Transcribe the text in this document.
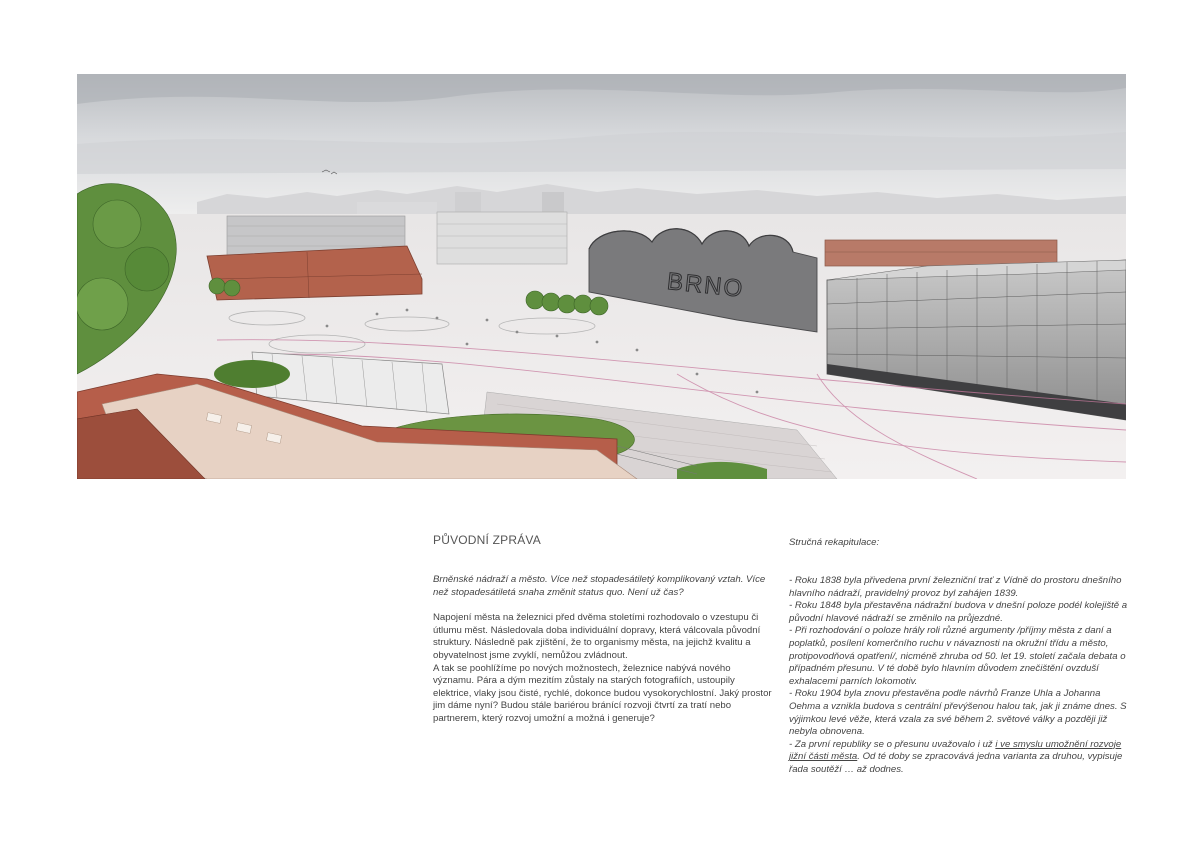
BRNO
PŮVODNÍ ZPRÁVA

Brněnské nádraží a město. Více než stopadesátiletý komplikovaný vztah. Více než stopadesátiletá snaha změnit status quo. Není už čas?

Napojení města na železnici před dvěma stoletími rozhodovalo o vzestupu či útlumu měst. Následovala doba individuální dopravy, která válcovala původní struktury. Následně pak zjištění, že to organismy města, na jejichž kvalitu a obyvatelnost jsme zvyklí, nemůžou zvládnout.

A tak se poohlížíme po nových možnostech, železnice nabývá nového významu. Pára a dým mezitím zůstaly na starých fotografiích, ustoupily elektrice, vlaky jsou čisté, rychlé, dokonce budou vysokorychlostní. Jaký prostor jim dáme nyní? Budou stále bariérou bránící rozvoji čtvrtí za tratí nebo partnerem, který rozvoj umožní a možná i generuje?

Stručná rekapitulace:

- Roku 1838 byla přivedena první železniční trať z Vídně do prostoru dnešního hlavního nádraží, pravidelný provoz byl zahájen 1839.

- Roku 1848 byla přestavěna nádražní budova v dnešní poloze podél kolejiště a původní hlavové nádraží se změnilo na průjezdné.

- Při rozhodování o poloze hrály roli různé argumenty /příjmy města z daní a poplatků, posílení komerčního ruchu v návaznosti na okružní třídu a město, protipovodňová opatření/, nicméně zhruba od 50. let 19. století začala debata o případném přesunu. V té době bylo hlavním důvodem znečištění ovzduší exhalacemi parních lokomotiv.

- Roku 1904 byla znovu přestavěna podle návrhů Franze Uhla a Johanna Oehma a vznikla budova s centrální převýšenou halou tak, jak ji známe dnes. S výjimkou levé věže, která vzala za své během 2. světové války a později již nebyla obnovena.

- Za první republiky se o přesunu uvažovalo i už i ve smyslu umožnění rozvoje jižní části města. Od té doby se zpracovává jedna varianta za druhou, vypisuje řada soutěží … až dodnes.
